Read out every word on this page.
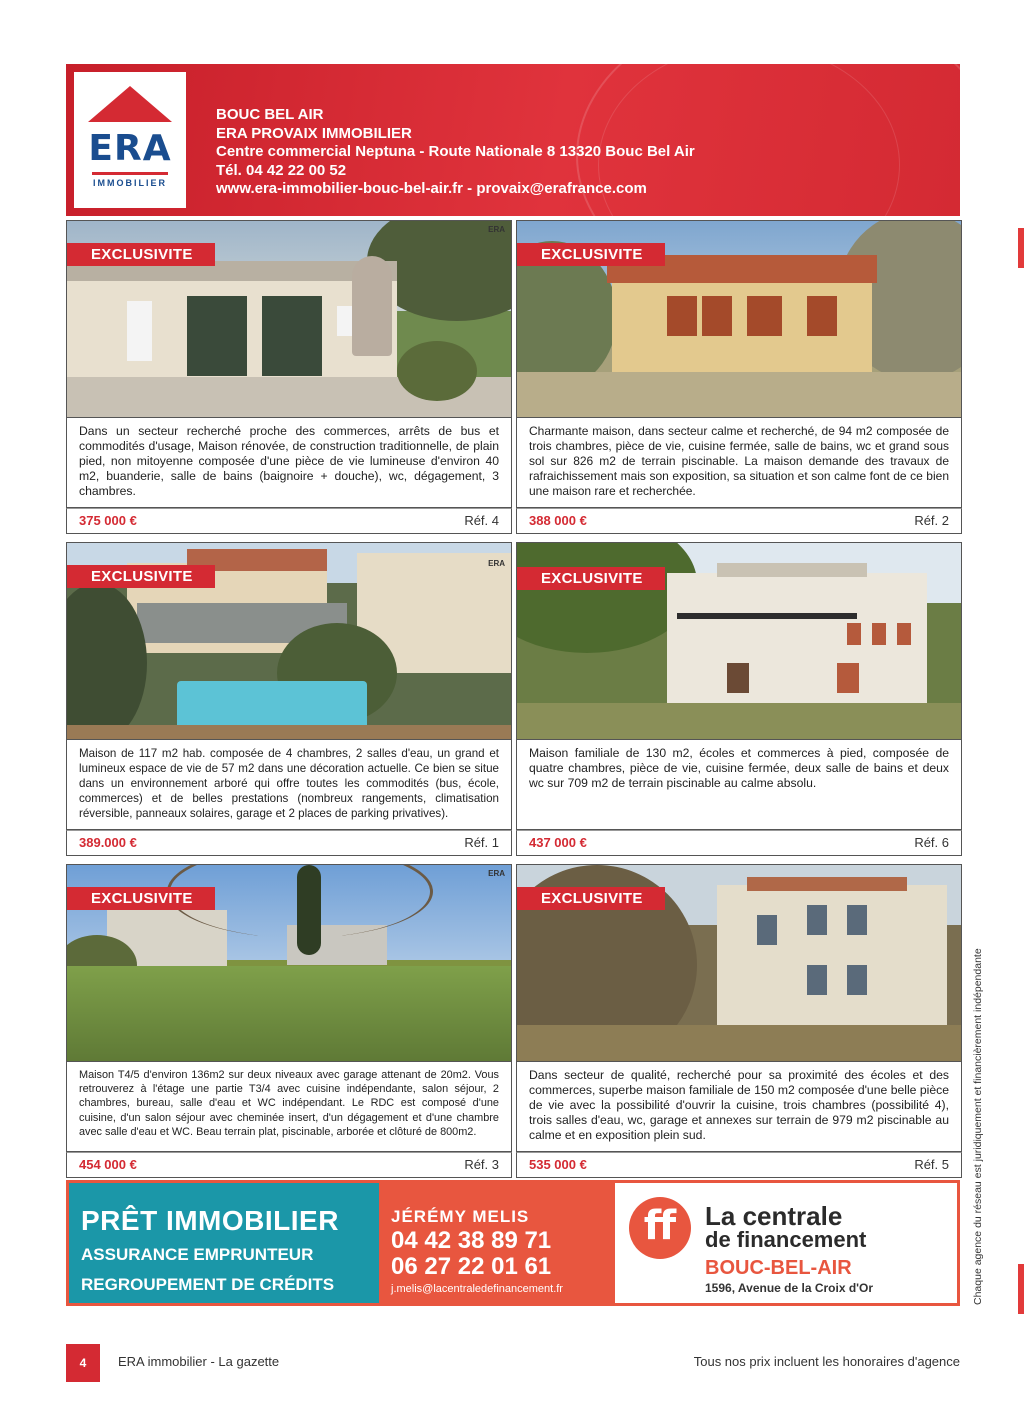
ERA
IMMOBILIER
BOUC BEL AIR
ERA PROVAIX IMMOBILIER
Centre commercial Neptuna - Route Nationale 8 13320 Bouc Bel Air
Tél. 04 42 22 00 52
www.era-immobilier-bouc-bel-air.fr - provaix@erafrance.com
EXCLUSIVITE
ERA
Dans un secteur recherché proche des commerces, arrêts de bus et commodités d'usage, Maison rénovée, de construction traditionnelle, de plain pied, non mitoyenne composée d'une pièce de vie lumineuse d'environ 40 m2, buanderie, salle de bains (baignoire + douche), wc, dégagement, 3 chambres.
375 000 €	Réf. 4
EXCLUSIVITE
Charmante maison, dans secteur calme et recherché, de 94 m2 composée de trois chambres, pièce de vie, cuisine fermée, salle de bains, wc et grand sous sol sur 826 m2 de terrain piscinable. La maison demande des travaux de rafraichissement mais son exposition, sa situation et son calme font de ce bien une maison rare et recherchée.
388 000 €	Réf. 2
EXCLUSIVITE
ERA
Maison de 117 m2 hab. composée de 4 chambres, 2 salles d'eau, un grand et lumineux espace de vie de 57 m2 dans une décoration actuelle. Ce bien se situe dans un environnement arboré qui offre toutes les commodités (bus, école, commerces) et de belles prestations (nombreux rangements, climatisation réversible, panneaux solaires, garage et 2 places de parking privatives).
389.000 €	Réf. 1
EXCLUSIVITE
Maison familiale de 130 m2, écoles et commerces à pied, composée de quatre chambres, pièce de vie, cuisine fermée, deux salle de bains et deux wc sur 709 m2 de terrain piscinable au calme absolu.
437 000 €	Réf. 6
EXCLUSIVITE
ERA
Maison T4/5 d'environ 136m2 sur deux niveaux avec garage attenant de 20m2. Vous retrouverez à l'étage une partie T3/4 avec cuisine indépendante, salon séjour, 2 chambres, bureau, salle d'eau et WC indépendant. Le RDC est composé d'une cuisine, d'un salon séjour avec cheminée insert, d'un dégagement et d'une chambre avec salle d'eau et WC. Beau terrain plat, piscinable, arborée et clôturé de 800m2.
454 000 €	Réf. 3
EXCLUSIVITE
Dans secteur de qualité, recherché pour sa proximité des écoles et des commerces, superbe maison familiale de 150 m2 composée d'une belle pièce de vie avec la possibilité d'ouvrir la cuisine, trois chambres (possibilité 4), trois salles d'eau, wc, garage et annexes sur terrain de 979 m2 piscinable au calme et en exposition plein sud.
535 000 €	Réf. 5
PRÊT IMMOBILIER
ASSURANCE EMPRUNTEUR
REGROUPEMENT DE CRÉDITS
JÉRÉMY MELIS
04 42 38 89 71
06 27 22 01 61
j.melis@lacentraledefinancement.fr
ff	La centrale
de financement
BOUC-BEL-AIR
1596, Avenue de la Croix d'Or	Chaque agence du réseau est juridiquement et financièrement indépendante
4	ERA immobilier - La gazette	Tous nos prix incluent les honoraires d'agence
